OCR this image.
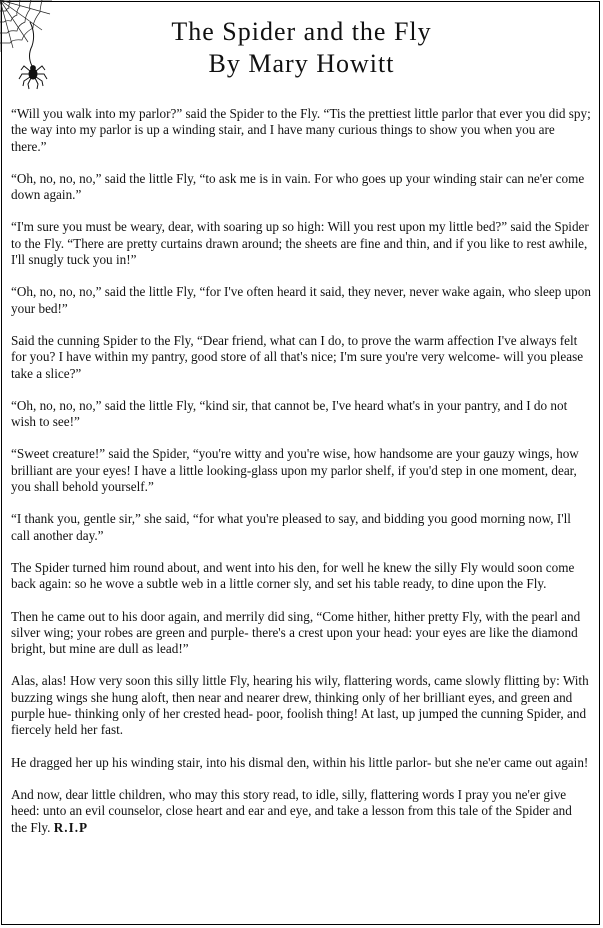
The Spider and the Fly
By Mary Howitt

“Will you walk into my parlor?” said the Spider to the Fly. “Tis the prettiest little parlor that ever you did spy; the way into my parlor is up a winding stair, and I have many curious things to show you when you are there.”

“Oh, no, no, no,” said the little Fly, “to ask me is in vain. For who goes up your winding stair can ne'er come down again.”

“I'm sure you must be weary, dear, with soaring up so high: Will you rest upon my little bed?” said the Spider to the Fly. “There are pretty curtains drawn around; the sheets are fine and thin, and if you like to rest awhile, I'll snugly tuck you in!”

“Oh, no, no, no,” said the little Fly, “for I've often heard it said, they never, never wake again, who sleep upon your bed!”

Said the cunning Spider to the Fly, “Dear friend, what can I do, to prove the warm affection I've always felt for you? I have within my pantry, good store of all that's nice; I'm sure you're very welcome- will you please take a slice?”

“Oh, no, no, no,” said the little Fly, “kind sir, that cannot be, I've heard what's in your pantry, and I do not wish to see!”

“Sweet creature!” said the Spider, “you're witty and you're wise, how handsome are your gauzy wings, how brilliant are your eyes! I have a little looking-glass upon my parlor shelf, if you'd step in one moment, dear, you shall behold yourself.”

“I thank you, gentle sir,” she said, “for what you're pleased to say, and bidding you good morning now, I'll call another day.”

The Spider turned him round about, and went into his den, for well he knew the silly Fly would soon come back again: so he wove a subtle web in a little corner sly, and set his table ready, to dine upon the Fly.

Then he came out to his door again, and merrily did sing, “Come hither, hither pretty Fly, with the pearl and silver wing; your robes are green and purple- there's a crest upon your head: your eyes are like the diamond bright, but mine are dull as lead!”

Alas, alas! How very soon this silly little Fly, hearing his wily, flattering words, came slowly flitting by: With buzzing wings she hung aloft, then near and nearer drew, thinking only of her brilliant eyes, and green and purple hue- thinking only of her crested head- poor, foolish thing! At last, up jumped the cunning Spider, and fiercely held her fast.

He dragged her up his winding stair, into his dismal den, within his little parlor- but she ne'er came out again!

And now, dear little children, who may this story read, to idle, silly, flattering words I pray you ne'er give heed: unto an evil counselor, close heart and ear and eye, and take a lesson from this tale of the Spider and the Fly. R.I.P
